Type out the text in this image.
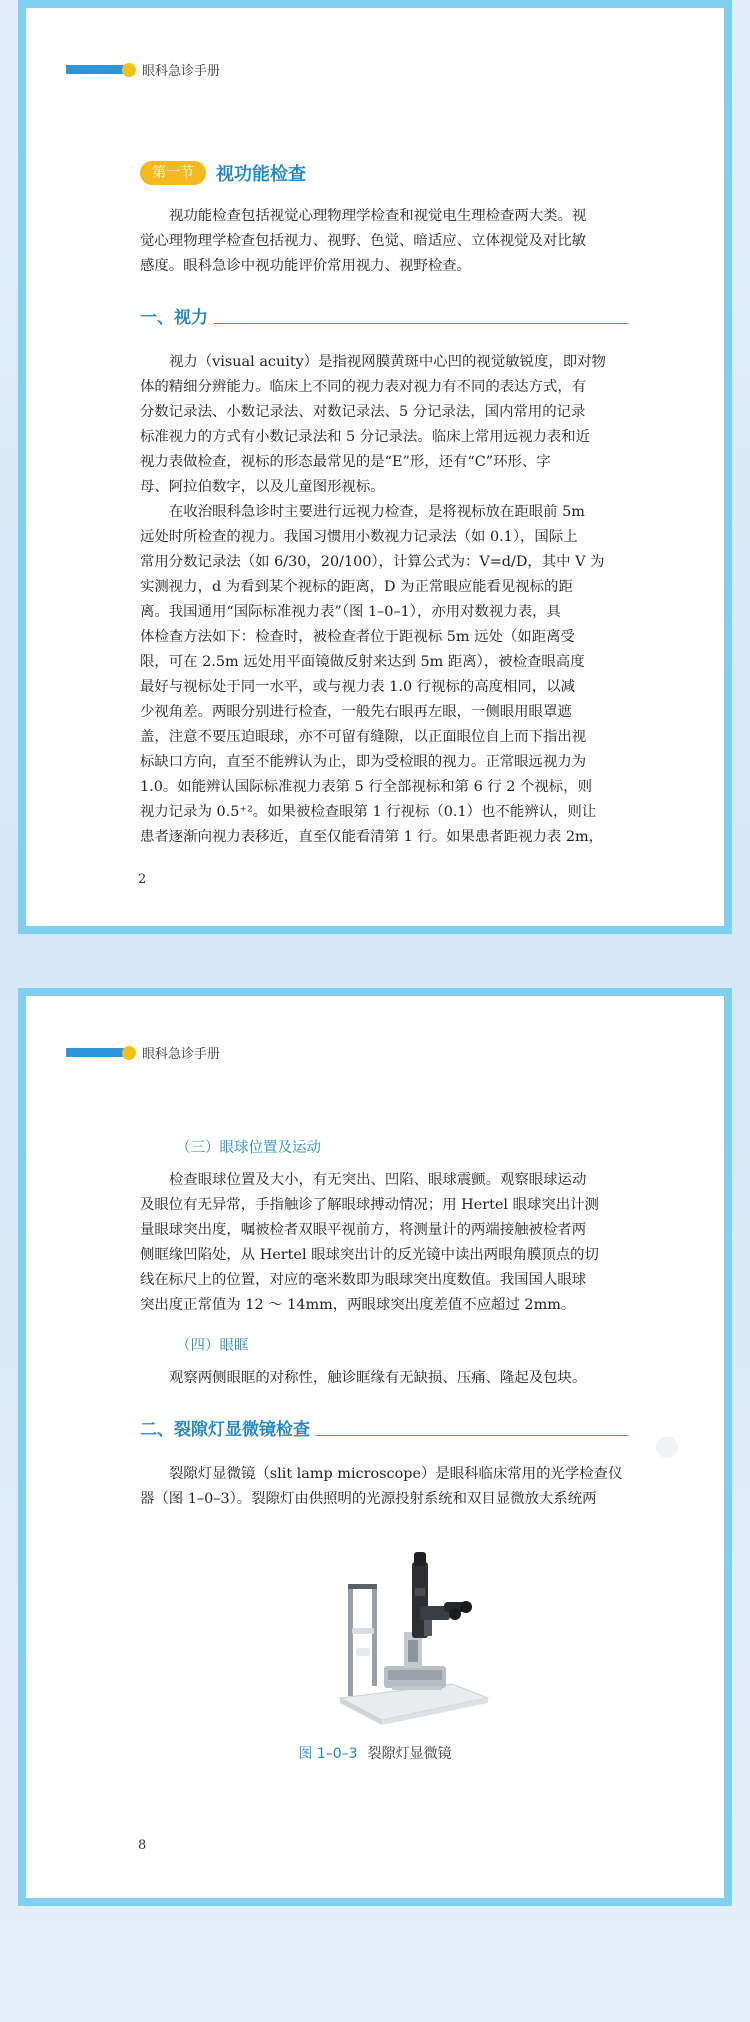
眼科急诊手册
第一节 视功能检查
视功能检查包括视觉心理物理学检查和视觉电生理检查两大类。视
觉心理物理学检查包括视力、视野、色觉、暗适应、立体视觉及对比敏
感度。眼科急诊中视功能评价常用视力、视野检查。
一、视力
视力（visual acuity）是指视网膜黄斑中心凹的视觉敏锐度，即对物
体的精细分辨能力。临床上不同的视力表对视力有不同的表达方式，有
分数记录法、小数记录法、对数记录法、5 分记录法，国内常用的记录
标准视力的方式有小数记录法和 5 分记录法。临床上常用远视力表和近
视力表做检查，视标的形态最常见的是“E”形，还有“C”环形、字
母、阿拉伯数字，以及儿童图形视标。
在收治眼科急诊时主要进行远视力检查，是将视标放在距眼前 5m
远处时所检查的视力。我国习惯用小数视力记录法（如 0.1），国际上
常用分数记录法（如 6/30，20/100），计算公式为：V=d/D，其中 V 为
实测视力，d 为看到某个视标的距离，D 为正常眼应能看见视标的距
离。我国通用“国际标准视力表”（图 1–0–1），亦用对数视力表，具
体检查方法如下：检查时，被检查者位于距视标 5m 远处（如距离受
限，可在 2.5m 远处用平面镜做反射来达到 5m 距离），被检查眼高度
最好与视标处于同一水平，或与视力表 1.0 行视标的高度相同，以减
少视角差。两眼分别进行检查，一般先右眼再左眼，一侧眼用眼罩遮
盖，注意不要压迫眼球，亦不可留有缝隙，以正面眼位自上而下指出视
标缺口方向，直至不能辨认为止，即为受检眼的视力。正常眼远视力为
1.0。如能辨认国际标准视力表第 5 行全部视标和第 6 行 2 个视标，则
视力记录为 0.5⁺²。如果被检查眼第 1 行视标（0.1）也不能辨认，则让
患者逐渐向视力表移近，直至仅能看清第 1 行。如果患者距视力表 2m，
2
眼科急诊手册
（三）眼球位置及运动
检查眼球位置及大小，有无突出、凹陷、眼球震颤。观察眼球运动
及眼位有无异常，手指触诊了解眼球搏动情况；用 Hertel 眼球突出计测
量眼球突出度，嘱被检者双眼平视前方，将测量计的两端接触被检者两
侧眶缘凹陷处，从 Hertel 眼球突出计的反光镜中读出两眼角膜顶点的切
线在标尺上的位置，对应的毫米数即为眼球突出度数值。我国国人眼球
突出度正常值为 12 ～ 14mm，两眼球突出度差值不应超过 2mm。
（四）眼眶
观察两侧眼眶的对称性，触诊眶缘有无缺损、压痛、隆起及包块。
二、裂隙灯显微镜检查
裂隙灯显微镜（slit lamp microscope）是眼科临床常用的光学检查仪
器（图 1–0–3）。裂隙灯由供照明的光源投射系统和双目显微放大系统两
图 1–0–3 裂隙灯显微镜
8
